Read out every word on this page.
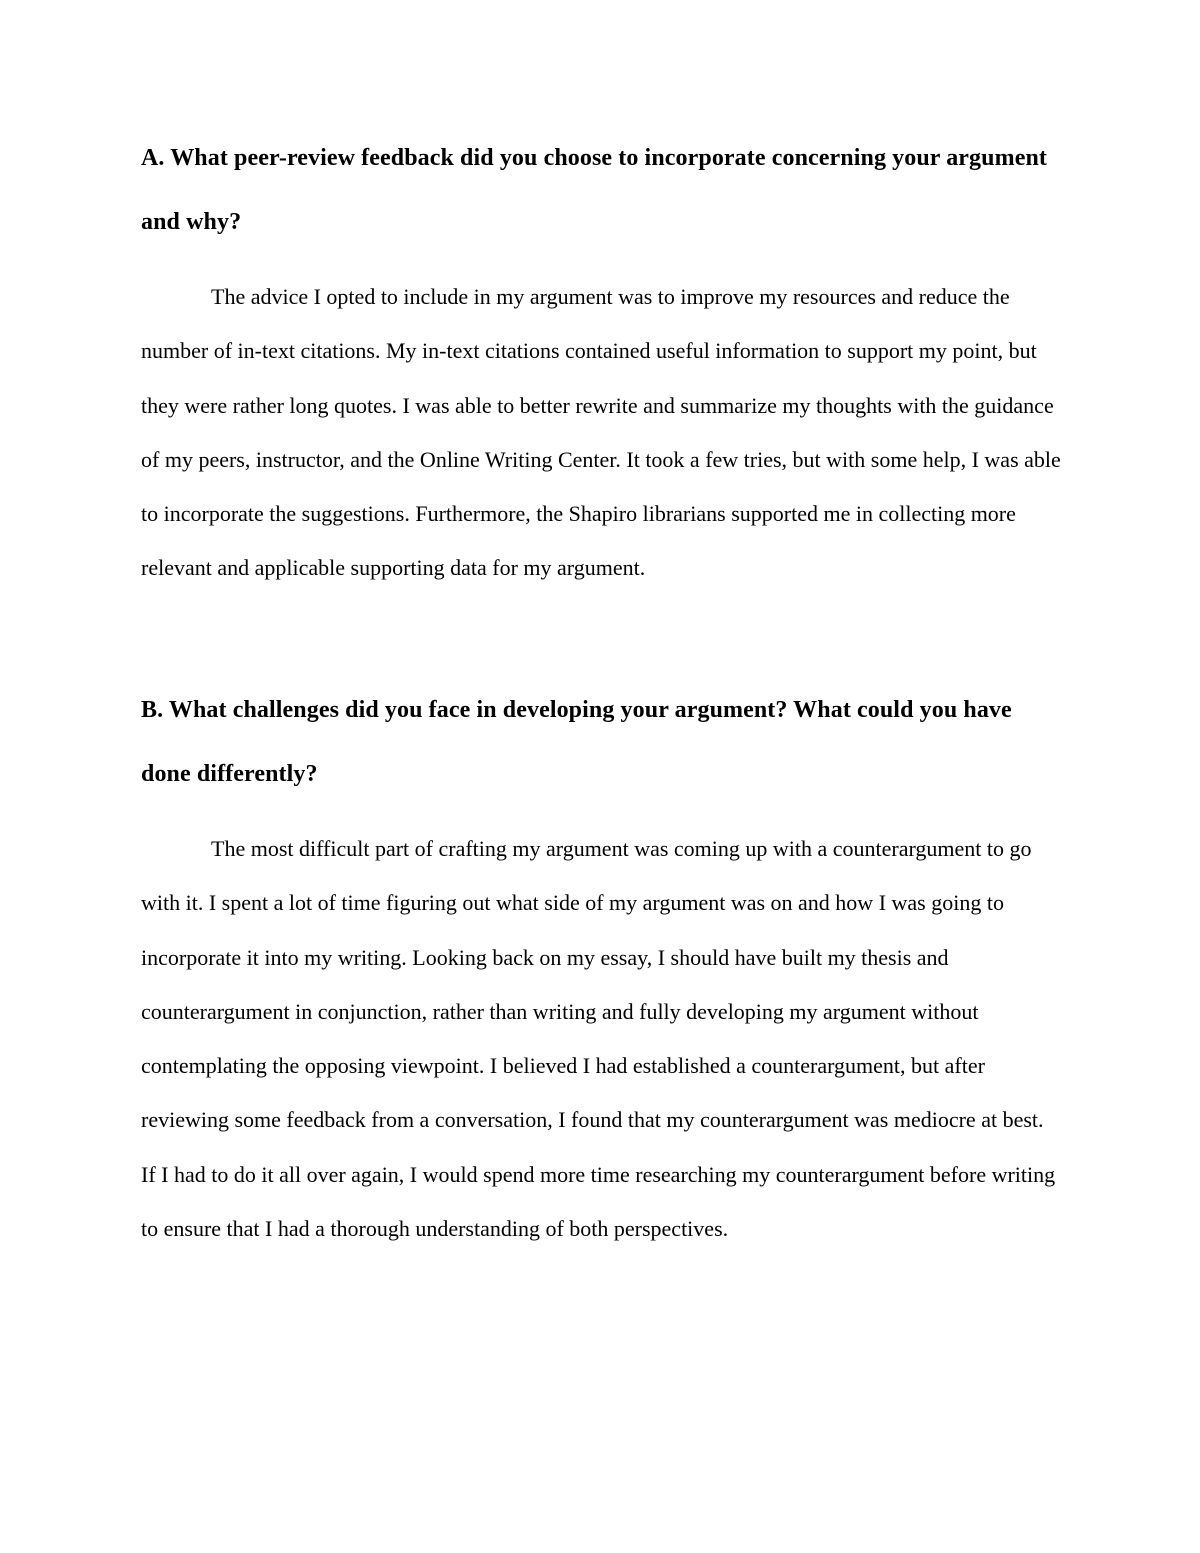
A. What peer-review feedback did you choose to incorporate concerning your argument and why?

The advice I opted to include in my argument was to improve my resources and reduce the number of in-text citations. My in-text citations contained useful information to support my point, but they were rather long quotes. I was able to better rewrite and summarize my thoughts with the guidance of my peers, instructor, and the Online Writing Center. It took a few tries, but with some help, I was able to incorporate the suggestions. Furthermore, the Shapiro librarians supported me in collecting more relevant and applicable supporting data for my argument.

B. What challenges did you face in developing your argument? What could you have done differently?

The most difficult part of crafting my argument was coming up with a counterargument to go with it. I spent a lot of time figuring out what side of my argument was on and how I was going to incorporate it into my writing. Looking back on my essay, I should have built my thesis and counterargument in conjunction, rather than writing and fully developing my argument without contemplating the opposing viewpoint. I believed I had established a counterargument, but after reviewing some feedback from a conversation, I found that my counterargument was mediocre at best. If I had to do it all over again, I would spend more time researching my counterargument before writing to ensure that I had a thorough understanding of both perspectives.
